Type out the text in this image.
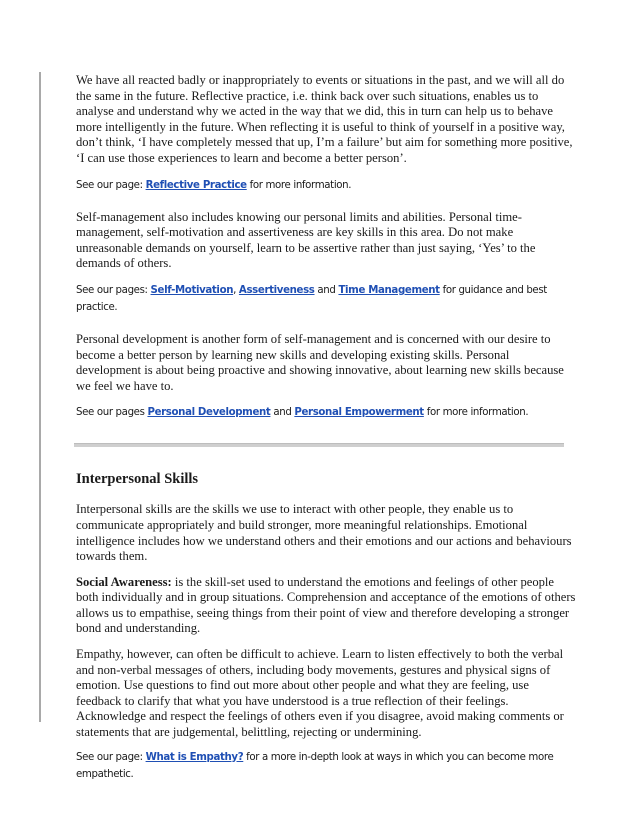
We have all reacted badly or inappropriately to events or situations in the past, and we will all do the same in the future. Reflective practice, i.e. think back over such situations, enables us to analyse and understand why we acted in the way that we did, this in turn can help us to behave more intelligently in the future. When reflecting it is useful to think of yourself in a positive way, don’t think, ‘I have completely messed that up, I’m a failure’ but aim for something more positive, ‘I can use those experiences to learn and become a better person’.

See our page: Reflective Practice for more information.

Self-management also includes knowing our personal limits and abilities. Personal time-management, self-motivation and assertiveness are key skills in this area. Do not make unreasonable demands on yourself, learn to be assertive rather than just saying, ‘Yes’ to the demands of others.

See our pages: Self-Motivation, Assertiveness and Time Management for guidance and best practice.

Personal development is another form of self-management and is concerned with our desire to become a better person by learning new skills and developing existing skills. Personal development is about being proactive and showing innovative, about learning new skills because we feel we have to.

See our pages Personal Development and Personal Empowerment for more information.

Interpersonal Skills

Interpersonal skills are the skills we use to interact with other people, they enable us to communicate appropriately and build stronger, more meaningful relationships. Emotional intelligence includes how we understand others and their emotions and our actions and behaviours towards them.

Social Awareness: is the skill-set used to understand the emotions and feelings of other people both individually and in group situations. Comprehension and acceptance of the emotions of others allows us to empathise, seeing things from their point of view and therefore developing a stronger bond and understanding.

Empathy, however, can often be difficult to achieve. Learn to listen effectively to both the verbal and non-verbal messages of others, including body movements, gestures and physical signs of emotion. Use questions to find out more about other people and what they are feeling, use feedback to clarify that what you have understood is a true reflection of their feelings. Acknowledge and respect the feelings of others even if you disagree, avoid making comments or statements that are judgemental, belittling, rejecting or undermining.

See our page: What is Empathy? for a more in-depth look at ways in which you can become more empathetic.
